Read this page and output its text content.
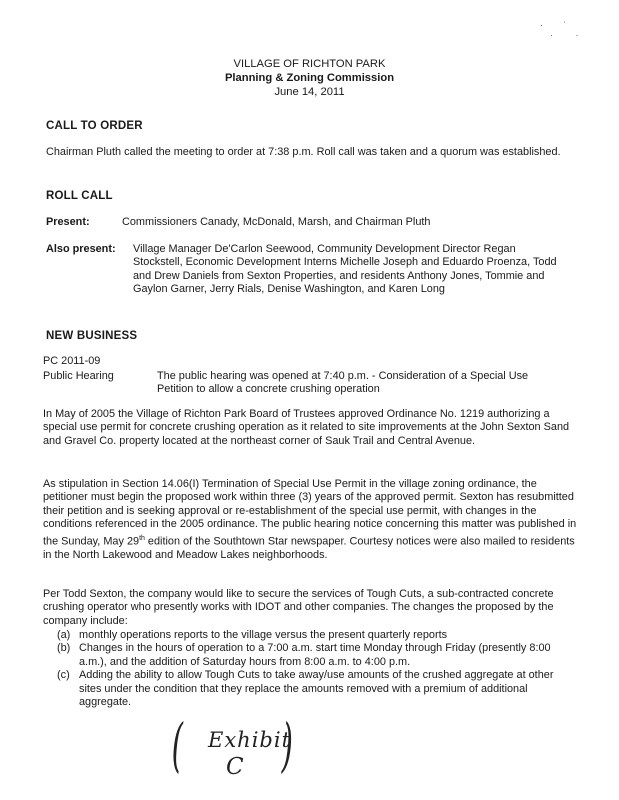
·        ˈ
·         ·
VILLAGE OF RICHTON PARK
Planning & Zoning Commission
June 14, 2011
CALL TO ORDER
Chairman Pluth called the meeting to order at 7:38 p.m. Roll call was taken and a quorum was established.
ROLL CALL
Present:	Commissioners Canady, McDonald, Marsh, and Chairman Pluth
Also present: Village Manager De'Carlon Seewood, Community Development Director Regan Stockstell, Economic Development Interns Michelle Joseph and Eduardo Proenza, Todd and Drew Daniels from Sexton Properties, and residents Anthony Jones, Tommie and Gaylon Garner, Jerry Rials, Denise Washington, and Karen Long
NEW BUSINESS
PC 2011-09
Public Hearing	The public hearing was opened at 7:40 p.m. - Consideration of a Special Use Petition to allow a concrete crushing operation
In May of 2005 the Village of Richton Park Board of Trustees approved Ordinance No. 1219 authorizing a special use permit for concrete crushing operation as it related to site improvements at the John Sexton Sand and Gravel Co. property located at the northeast corner of Sauk Trail and Central Avenue.
As stipulation in Section 14.06(I) Termination of Special Use Permit in the village zoning ordinance, the petitioner must begin the proposed work within three (3) years of the approved permit. Sexton has resubmitted their petition and is seeking approval or re-establishment of the special use permit, with changes in the conditions referenced in the 2005 ordinance. The public hearing notice concerning this matter was published in the Sunday, May 29th edition of the Southtown Star newspaper. Courtesy notices were also mailed to residents in the North Lakewood and Meadow Lakes neighborhoods.
Per Todd Sexton, the company would like to secure the services of Tough Cuts, a sub-contracted concrete crushing operator who presently works with IDOT and other companies. The changes the proposed by the company include:
(a) monthly operations reports to the village versus the present quarterly reports
(b) Changes in the hours of operation to a 7:00 a.m. start time Monday through Friday (presently 8:00 a.m.), and the addition of Saturday hours from 8:00 a.m. to 4:00 p.m.
(c) Adding the ability to allow Tough Cuts to take away/use amounts of the crushed aggregate at other sites under the condition that they replace the amounts removed with a premium of additional aggregate.
( Exhibit
C )
